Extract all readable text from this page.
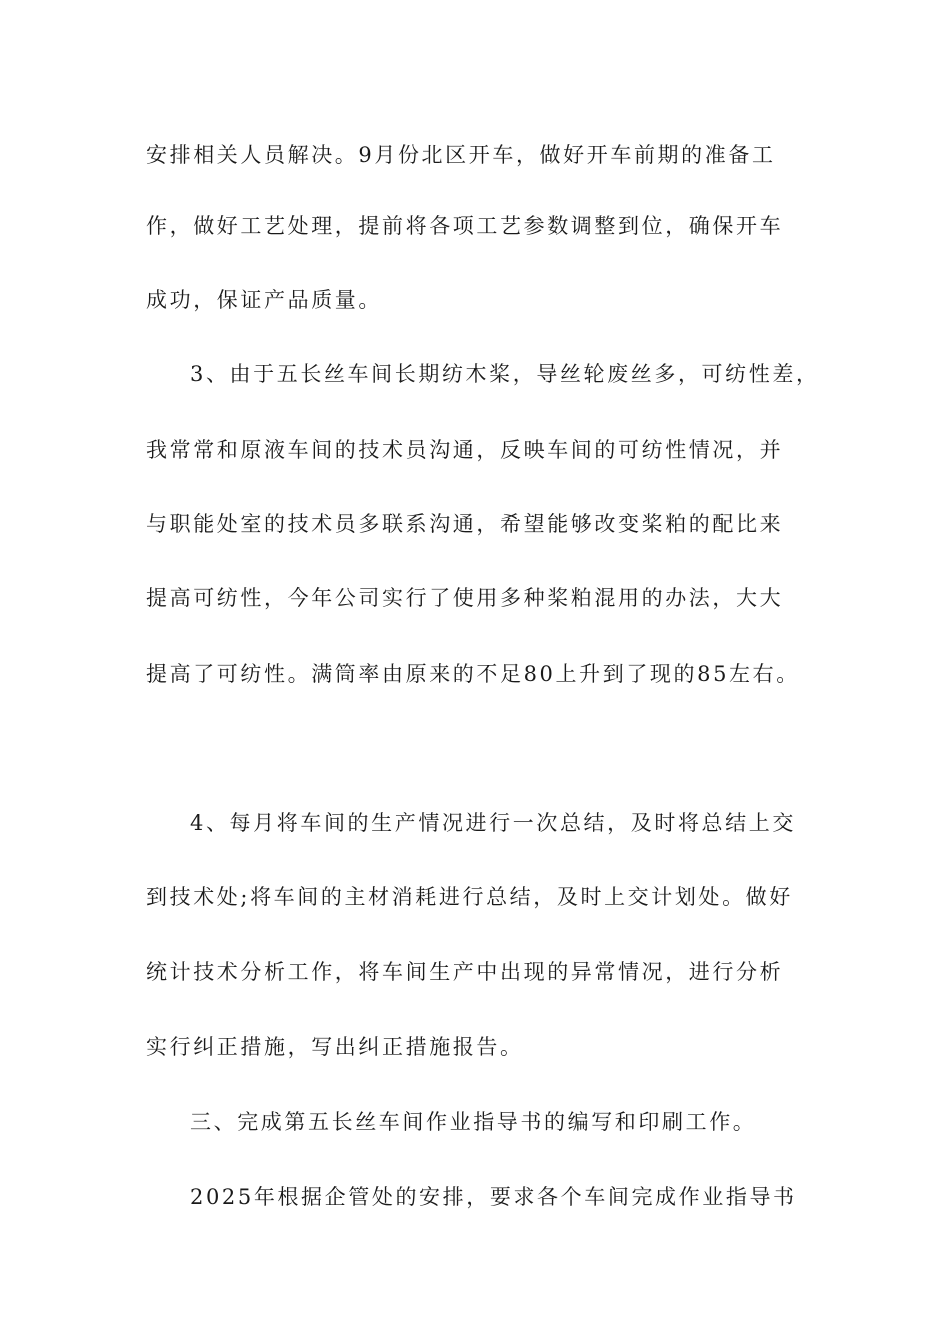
安排相关人员解决。9月份北区开车，做好开车前期的准备工
作，做好工艺处理，提前将各项工艺参数调整到位，确保开车
成功，保证产品质量。
3、由于五长丝车间长期纺木桨，导丝轮废丝多，可纺性差，
我常常和原液车间的技术员沟通，反映车间的可纺性情况，并
与职能处室的技术员多联系沟通，希望能够改变桨粕的配比来
提高可纺性，今年公司实行了使用多种桨粕混用的办法，大大
提高了可纺性。满筒率由原来的不足80上升到了现的85左右。
4、每月将车间的生产情况进行一次总结，及时将总结上交
到技术处;将车间的主材消耗进行总结，及时上交计划处。做好
统计技术分析工作，将车间生产中出现的异常情况，进行分析
实行纠正措施，写出纠正措施报告。
三、完成第五长丝车间作业指导书的编写和印刷工作。
2025年根据企管处的安排，要求各个车间完成作业指导书
